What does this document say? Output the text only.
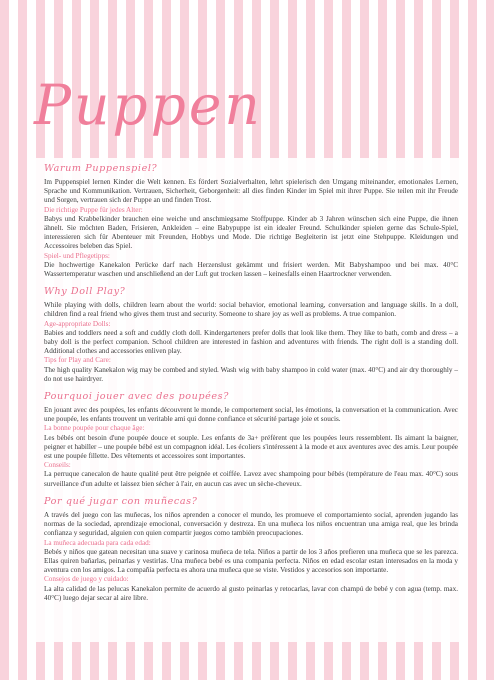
Puppen
Warum Puppenspiel?

Im Puppenspiel lernen Kinder die Welt kennen. Es fördert Sozialverhalten, lehrt spielerisch den Umgang miteinander, emotionales Lernen, Sprache und Kommunikation. Vertrauen, Sicherheit, Geborgenheit: all dies finden Kinder im Spiel mit ihrer Puppe. Sie teilen mit ihr Freude und Sorgen, vertrauen sich der Puppe an und finden Trost.

Die richtige Puppe für jedes Alter:

Babys und Krabbelkinder brauchen eine weiche und anschmiegsame Stoffpuppe. Kinder ab 3 Jahren wünschen sich eine Puppe, die ihnen ähnelt. Sie möchten Baden, Frisieren, Ankleiden – eine Babypuppe ist ein idealer Freund. Schulkinder spielen gerne das Schule-Spiel, interessieren sich für Abenteuer mit Freunden, Hobbys und Mode. Die richtige Begleiterin ist jetzt eine Stehpuppe. Kleidungen und Accessoires beleben das Spiel.

Spiel- und Pflegetipps:

Die hochwertige Kanekalon Perücke darf nach Herzenslust gekämmt und frisiert werden. Mit Babyshampoo und bei max. 40°C Wassertemperatur waschen und anschließend an der Luft gut trocken lassen – keinesfalls einen Haartrockner verwenden.

Why Doll Play?

While playing with dolls, children learn about the world: social behavior, emotional learning, conversation and language skills. In a doll, children find a real friend who gives them trust and security. Someone to share joy as well as problems. A true companion.

Age-appropriate Dolls:

Babies and toddlers need a soft and cuddly cloth doll. Kindergarteners prefer dolls that look like them. They like to bath, comb and dress – a baby doll is the perfect companion. School children are interested in fashion and adventures with friends. The right doll is a standing doll. Additional clothes and accessories enliven play.

Tips for Play and Care:

The high quality Kanekalon wig may be combed and styled. Wash wig with baby shampoo in cold water (max. 40°C) and air dry thoroughly – do not use hairdryer.

Pourquoi jouer avec des poupées?

En jouant avec des poupées, les enfants découvrent le monde, le comportement social, les émotions, la conversation et la communication. Avec une poupée, les enfants trouvent un veritable ami qui donne confiance et sécurité partage joie et soucis.

La bonne poupée pour chaque âge:

Les bébés ont besoin d'une poupée douce et souple. Les enfants de 3a+ préfèrent que les poupées leurs ressemblent. Ils aimant la baigner, peigner et habiller – une poupée bébé est un compagnon idéal. Les écoliers s'intéressent à la mode et aux aventures avec des amis. Leur poupée est une poupée fillette. Des vêtements et accessoires sont importantes.

Conseils:

La perruque canecalon de haute qualité peut être peignée et coiffée. Lavez avec shampoing pour bébés (température de l'eau max. 40°C) sous surveillance d'un adulte et laissez bien sécher à l'air, en aucun cas avec un sèche-cheveux.

Por qué jugar con muñecas?

A través del juego con las muñecas, los niños aprenden a conocer el mundo, les promueve el comportamiento social, aprenden jugando las normas de la sociedad, aprendizaje emocional, conversación y destreza. En una muñeca los niños encuentran una amiga real, que les brinda confianza y seguridad, alguien con quien compartir juegos como también preocupaciones.

La muñeca adecuada para cada edad:

Bebés y niños que gatean necesitan una suave y carinosa muñeca de tela. Niños a partir de los 3 años prefieren una muñeca que se les parezca. Ellas quiren bañarlas, peinarlas y vestirlas. Una muñeca bebé es una compania perfecta. Niños en edad escolar estan interesados en la moda y aventura con los amigos. La compañía perfecta es ahora una muñeca que se viste. Vestidos y accesorios son importante.

Consejos de juego y cuidado:

La alta calidad de las pelucas Kanekalon permite de acuerdo al gusto peinarlas y retocarlas, lavar con champú de bebé y con agua (temp. max. 40°C) luego dejar secar al aire libre.
